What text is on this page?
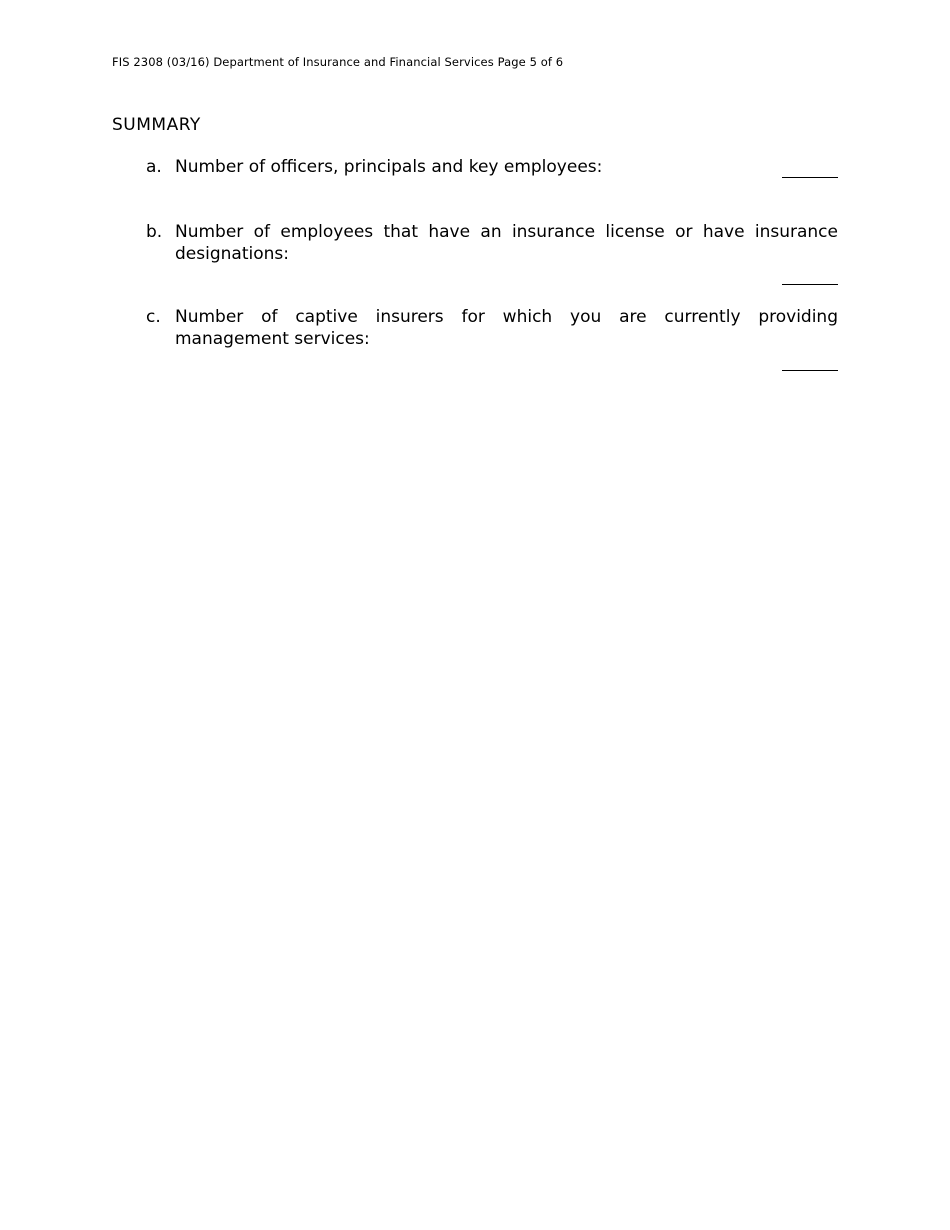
FIS 2308 (03/16) Department of Insurance and Financial Services Page 5 of 6
SUMMARY
a. Number of officers, principals and key employees:
b. Number of employees that have an insurance license or have insurance designations:
c. Number of captive insurers for which you are currently providing management services:
